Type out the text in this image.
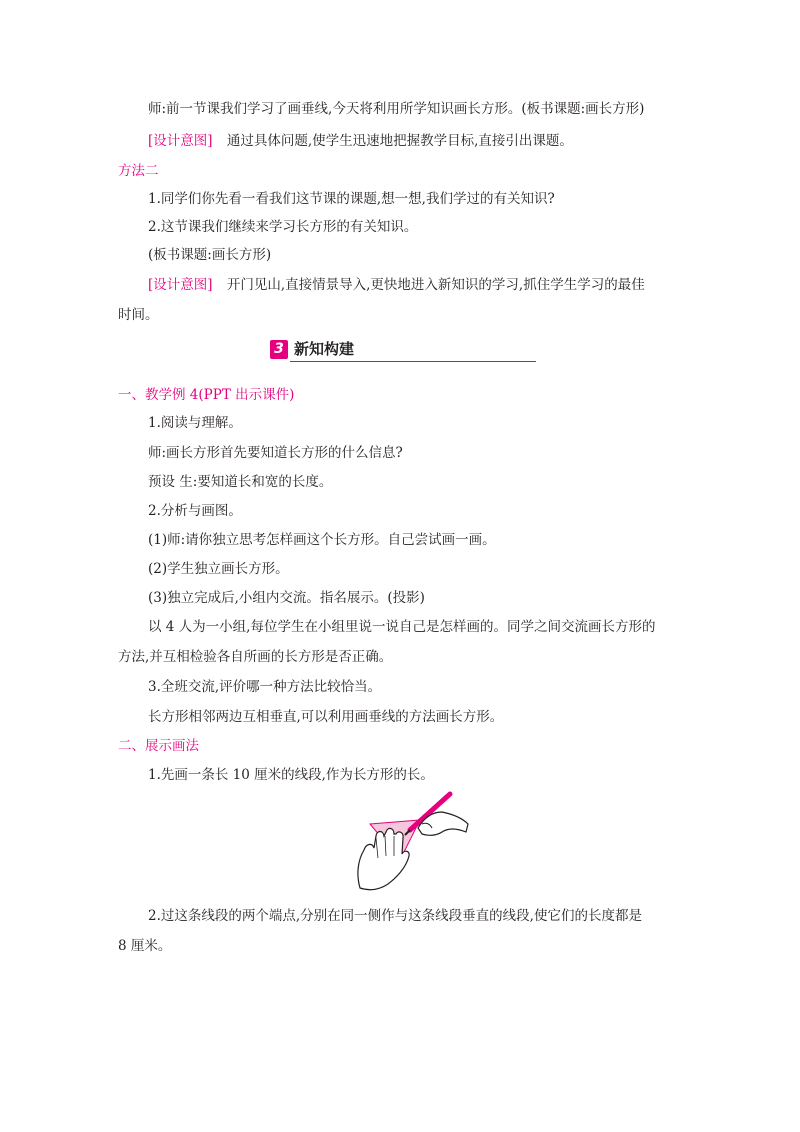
师:前一节课我们学习了画垂线,今天将利用所学知识画长方形。(板书课题:画长方形)
[设计意图] 通过具体问题,使学生迅速地把握教学目标,直接引出课题。
方法二
1.同学们你先看一看我们这节课的课题,想一想,我们学过的有关知识?
2.这节课我们继续来学习长方形的有关知识。
(板书课题:画长方形)
[设计意图] 开门见山,直接情景导入,更快地进入新知识的学习,抓住学生学习的最佳
时间。
3 新知构建
一、教学例 4(PPT 出示课件)
1.阅读与理解。
师:画长方形首先要知道长方形的什么信息?
预设 生:要知道长和宽的长度。
2.分析与画图。
(1)师:请你独立思考怎样画这个长方形。自己尝试画一画。
(2)学生独立画长方形。
(3)独立完成后,小组内交流。指名展示。(投影)
以 4 人为一小组,每位学生在小组里说一说自己是怎样画的。同学之间交流画长方形的
方法,并互相检验各自所画的长方形是否正确。
3.全班交流,评价哪一种方法比较恰当。
长方形相邻两边互相垂直,可以利用画垂线的方法画长方形。
二、展示画法
1.先画一条长 10 厘米的线段,作为长方形的长。
2.过这条线段的两个端点,分别在同一侧作与这条线段垂直的线段,使它们的长度都是
8 厘米。
